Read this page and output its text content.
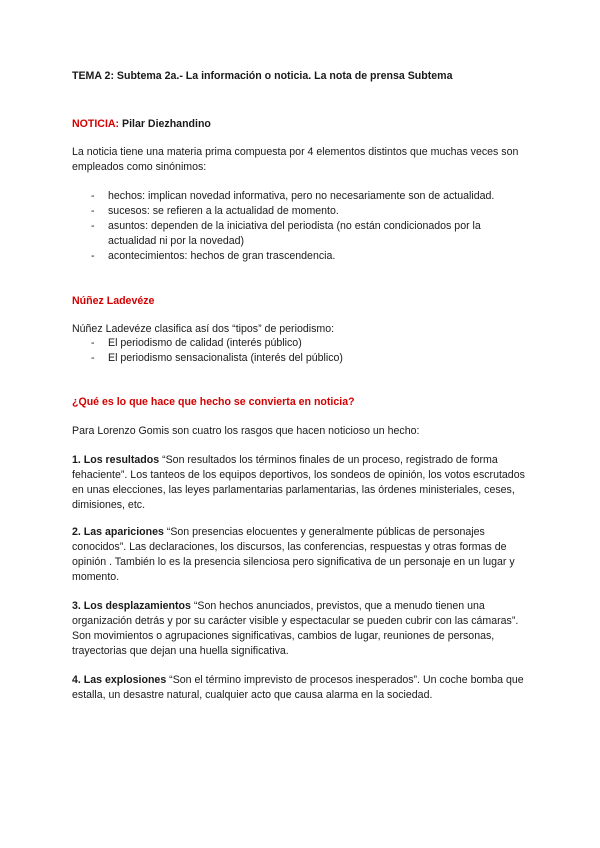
TEMA 2: Subtema 2a.- La información o noticia. La nota de prensa Subtema
NOTICIA: Pilar Diezhandino
La noticia tiene una materia prima compuesta por 4 elementos distintos que muchas veces son empleados como sinónimos:
- hechos: implican novedad informativa, pero no necesariamente son de actualidad.
- sucesos: se refieren a la actualidad de momento.
- asuntos: dependen de la iniciativa del periodista (no están condicionados por la actualidad ni por la novedad)
- acontecimientos: hechos de gran trascendencia.
Núñez Ladevéze
Núñez Ladevéze clasifica así dos “tipos” de periodismo:
- El periodismo de calidad (interés público)
- El periodismo sensacionalista (interés del público)
¿Qué es lo que hace que hecho se convierta en noticia?
Para Lorenzo Gomis son cuatro los rasgos que hacen noticioso un hecho:
1. Los resultados “Son resultados los términos finales de un proceso, registrado de forma fehaciente”. Los tanteos de los equipos deportivos, los sondeos de opinión, los votos escrutados en unas elecciones, las leyes parlamentarias parlamentarias, las órdenes ministeriales, ceses, dimisiones, etc.
2. Las apariciones “Son presencias elocuentes y generalmente públicas de personajes conocidos”. Las declaraciones, los discursos, las conferencias, respuestas y otras formas de opinión . También lo es la presencia silenciosa pero significativa de un personaje en un lugar y momento.
3. Los desplazamientos “Son hechos anunciados, previstos, que a menudo tienen una organización detrás y por su carácter visible y espectacular se pueden cubrir con las cámaras”. Son movimientos o agrupaciones significativas, cambios de lugar, reuniones de personas, trayectorias que dejan una huella significativa.
4. Las explosiones “Son el término imprevisto de procesos inesperados”. Un coche bomba que estalla, un desastre natural, cualquier acto que causa alarma en la sociedad.
